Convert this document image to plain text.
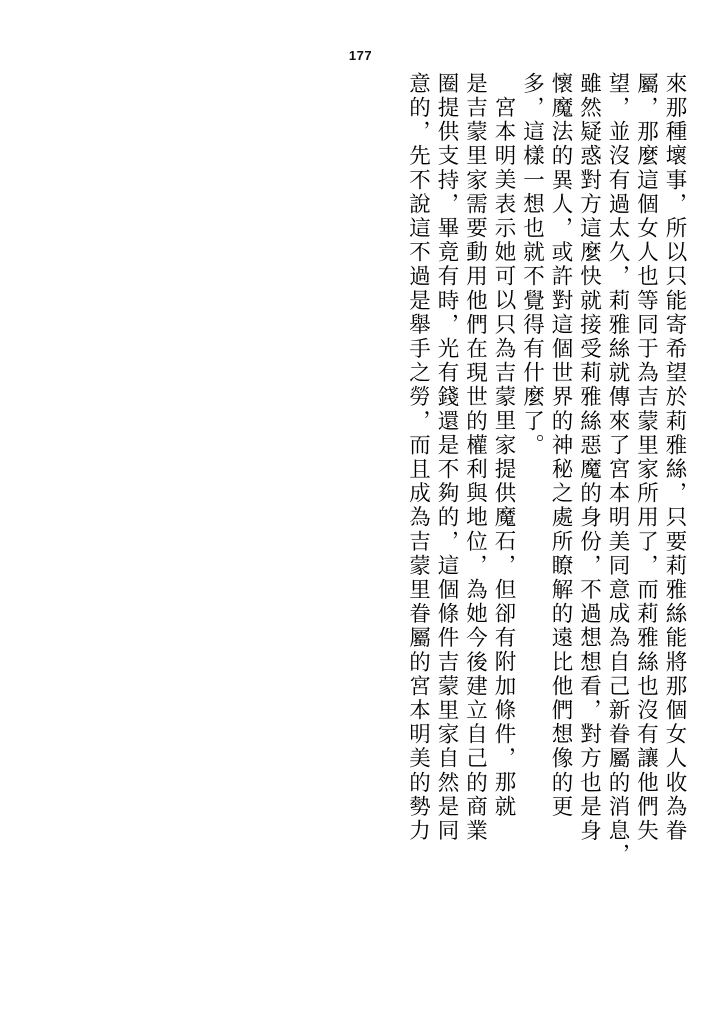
177
來那種壞事，所以只能寄希望於莉雅絲，只要莉雅絲能將那個女人收為眷
屬，那麼這個女人也等同于為吉蒙里家所用了，而莉雅絲也沒有讓他們失
望，並沒有過太久，莉雅絲就傳來了宮本明美同意成為自己新眷屬的消息，
雖然疑惑對方這麼快就接受莉雅絲惡魔的身份，不過想想看，對方也是身
懷魔法的異人，或許對這個世界的神秘之處所瞭解的遠比他們想像的更
多，這樣一想也就不覺得有什麼了。
宮本明美表示她可以只為吉蒙里家提供魔石，但卻有附加條件，那就
是吉蒙里家需要動用他們在現世的權利與地位，為她今後建立自己的商業
圈提供支持，畢竟有時，光有錢還是不夠的，這個條件吉蒙里家自然是同
意的，先不說這不過是舉手之勞，而且成為吉蒙里眷屬的宮本明美的勢力
